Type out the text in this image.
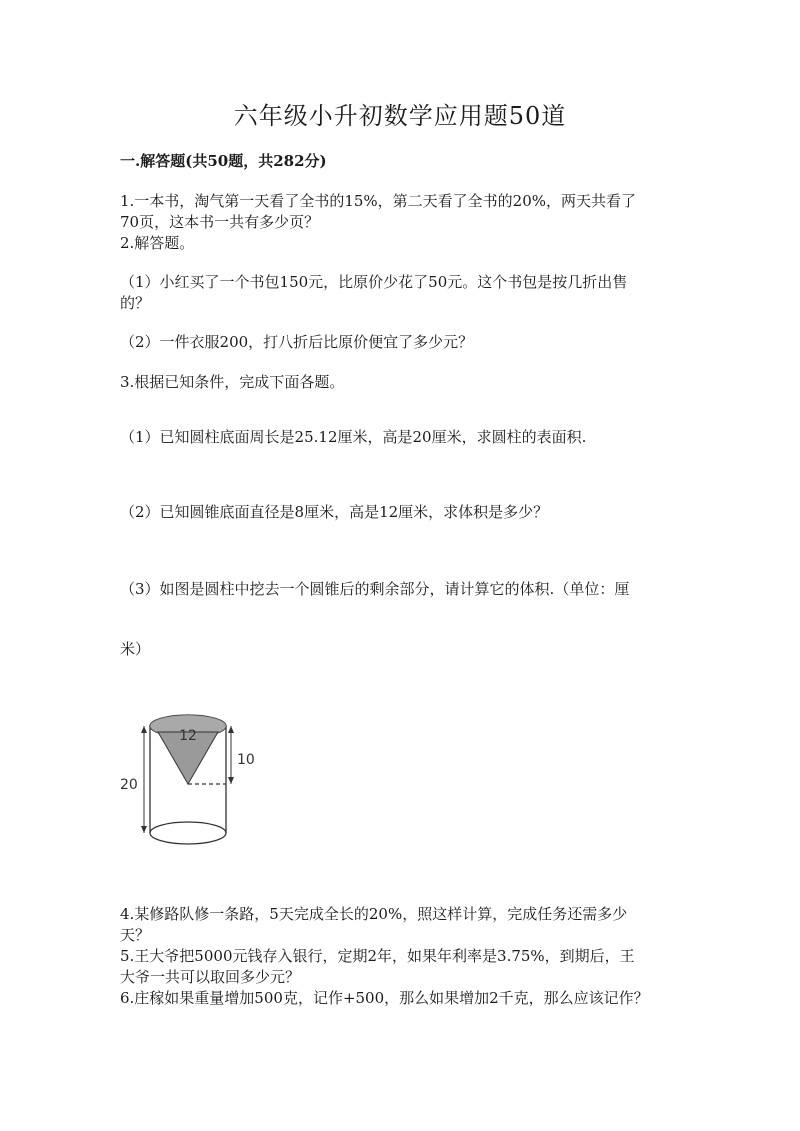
六年级小升初数学应用题50道
一.解答题(共50题，共282分)
1.一本书，淘气第一天看了全书的15%，第二天看了全书的20%，两天共看了
70页，这本书一共有多少页？
2.解答题。
（1）小红买了一个书包150元，比原价少花了50元。这个书包是按几折出售
的？
（2）一件衣服200，打八折后比原价便宜了多少元？
3.根据已知条件，完成下面各题。
（1）已知圆柱底面周长是25.12厘米，高是20厘米，求圆柱的表面积.
（2）已知圆锥底面直径是8厘米，高是12厘米，求体积是多少？
（3）如图是圆柱中挖去一个圆锥后的剩余部分，请计算它的体积.（单位：厘
米）
12
20
10
4.某修路队修一条路，5天完成全长的20%，照这样计算，完成任务还需多少
天？
5.王大爷把5000元钱存入银行，定期2年，如果年利率是3.75%，到期后，王
大爷一共可以取回多少元？
6.庄稼如果重量增加500克，记作+500，那么如果增加2千克，那么应该记作？
